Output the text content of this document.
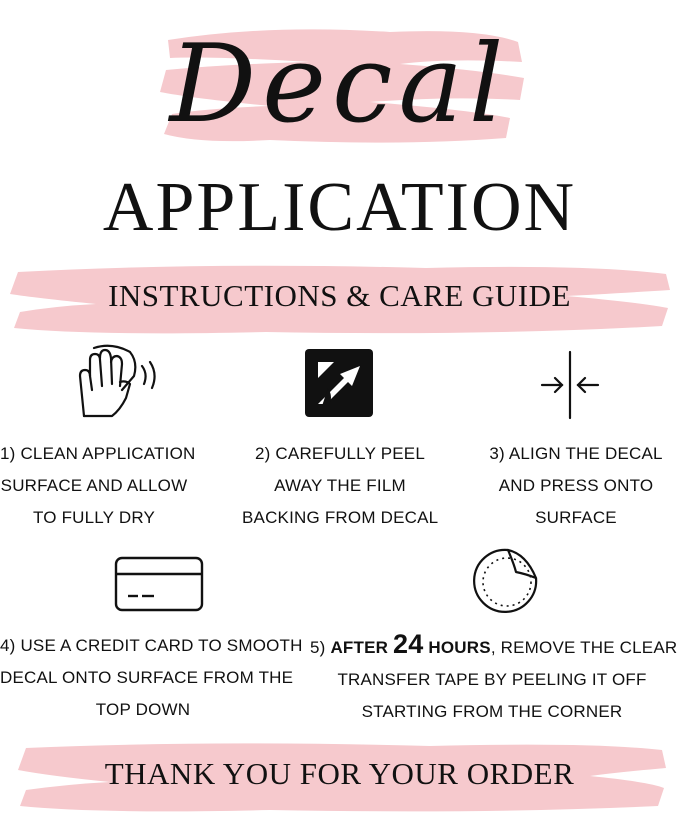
Decal
APPLICATION
INSTRUCTIONS & CARE GUIDE
1) CLEAN APPLICATION
SURFACE AND ALLOW
TO FULLY DRY
2) CAREFULLY PEEL
AWAY THE FILM
BACKING FROM DECAL
3) ALIGN THE DECAL
AND PRESS ONTO
SURFACE
4) USE A CREDIT CARD TO SMOOTH
DECAL ONTO SURFACE FROM THE
TOP DOWN
5) AFTER 24 HOURS, REMOVE THE CLEAR
TRANSFER TAPE BY PEELING IT OFF
STARTING FROM THE CORNER
THANK YOU FOR YOUR ORDER
